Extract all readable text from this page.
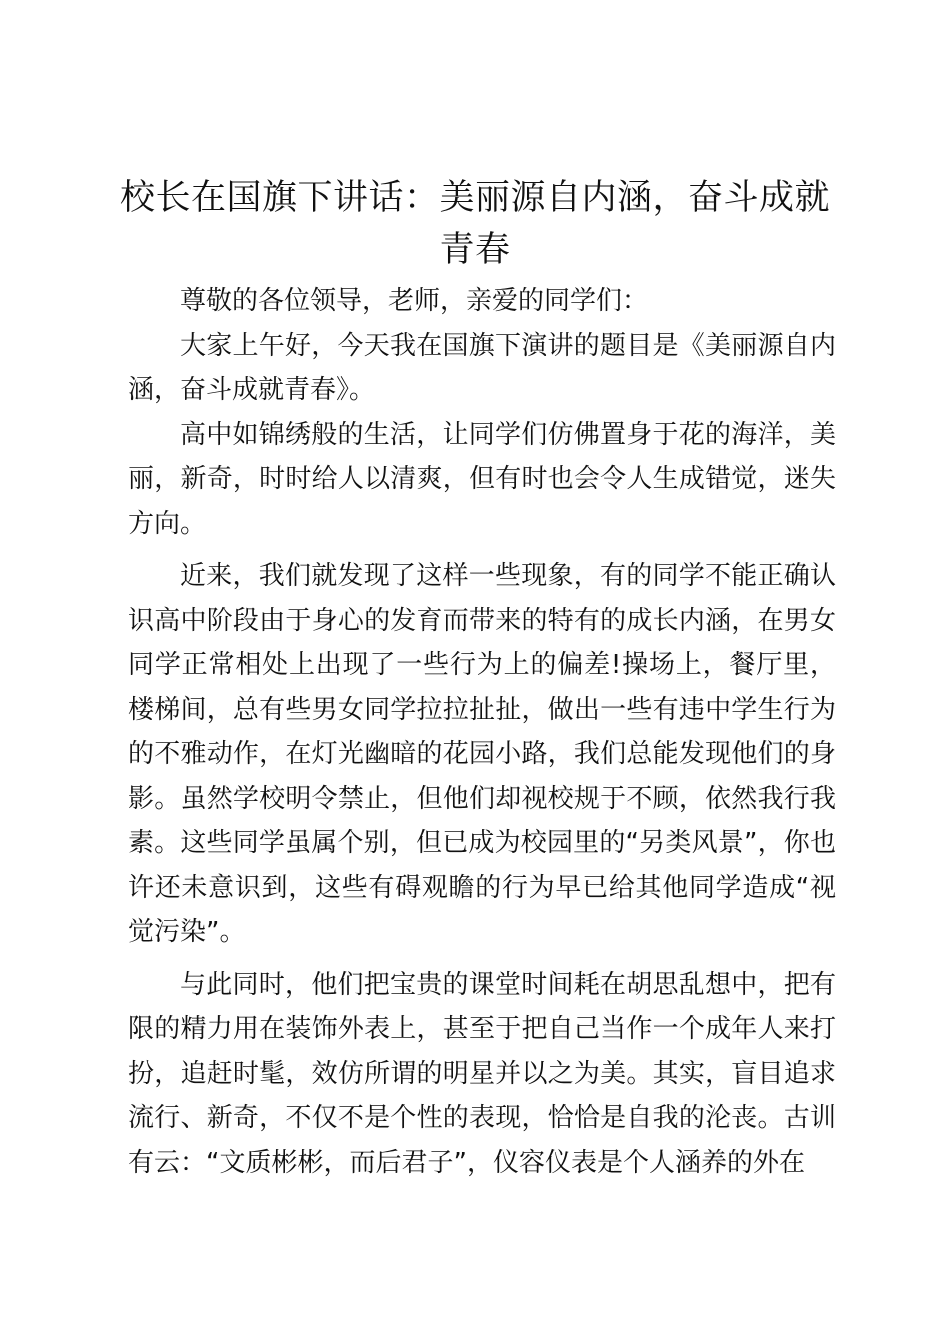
校长在国旗下讲话：美丽源自内涵，奋斗成就青春

尊敬的各位领导，老师，亲爱的同学们：

大家上午好，今天我在国旗下演讲的题目是《美丽源自内涵，奋斗成就青春》。

高中如锦绣般的生活，让同学们仿佛置身于花的海洋，美丽，新奇，时时给人以清爽，但有时也会令人生成错觉，迷失方向。

近来，我们就发现了这样一些现象，有的同学不能正确认识高中阶段由于身心的发育而带来的特有的成长内涵，在男女同学正常相处上出现了一些行为上的偏差!操场上，餐厅里，楼梯间，总有些男女同学拉拉扯扯，做出一些有违中学生行为的不雅动作，在灯光幽暗的花园小路，我们总能发现他们的身影。虽然学校明令禁止，但他们却视校规于不顾，依然我行我素。这些同学虽属个别，但已成为校园里的“另类风景”，你也许还未意识到，这些有碍观瞻的行为早已给其他同学造成“视觉污染”。

与此同时，他们把宝贵的课堂时间耗在胡思乱想中，把有限的精力用在装饰外表上，甚至于把自己当作一个成年人来打扮，追赶时髦，效仿所谓的明星并以之为美。其实，盲目追求流行、新奇，不仅不是个性的表现，恰恰是自我的沦丧。古训有云：“文质彬彬，而后君子”，仪容仪表是个人涵养的外在
